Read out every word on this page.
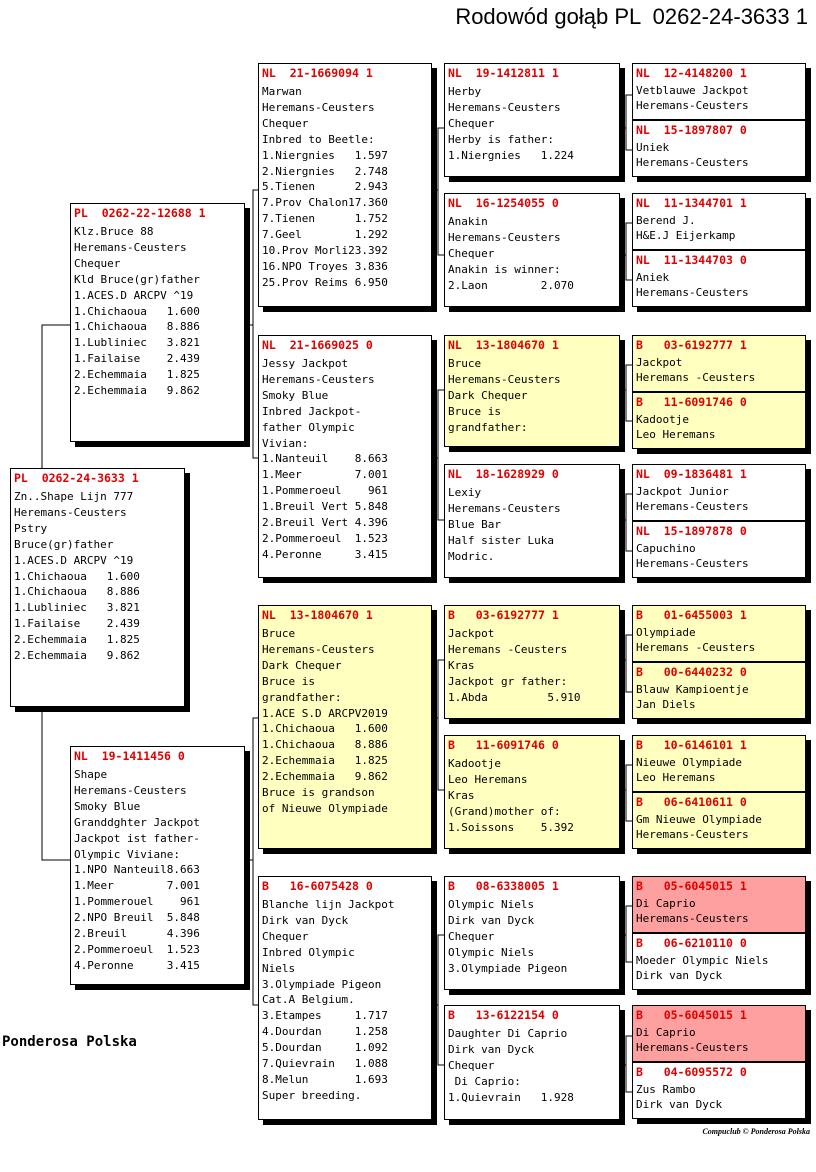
Rodowód gołąb PL  0262-24-3633 1
Ponderosa Polska
Compuclub © Ponderosa Polska
PL  0262-24-3633 1
Zn..Shape Lijn 777
Heremans-Ceusters
Pstry
Bruce(gr)father
1.ACES.D ARCPV ^19
1.Chichaoua   1.600
1.Chichaoua   8.886
1.Lubliniec   3.821
1.Failaise    2.439
2.Echemmaia   1.825
2.Echemmaia   9.862
PL  0262-22-12688 1
Klz.Bruce 88
Heremans-Ceusters
Chequer
Kld Bruce(gr)father
1.ACES.D ARCPV ^19
1.Chichaoua   1.600
1.Chichaoua   8.886
1.Lubliniec   3.821
1.Failaise    2.439
2.Echemmaia   1.825
2.Echemmaia   9.862
NL  19-1411456 0
Shape
Heremans-Ceusters
Smoky Blue
Granddghter Jackpot
Jackpot ist father-
Olympic Viviane:
1.NPO Nanteuil8.663
1.Meer        7.001
1.Pommerouel    961
2.NPO Breuil  5.848
2.Breuil      4.396
2.Pommeroeul  1.523
4.Peronne     3.415
NL  21-1669094 1
Marwan
Heremans-Ceusters
Chequer
Inbred to Beetle:
1.Niergnies   1.597
2.Niergnies   2.748
5.Tienen      2.943
7.Prov Chalon17.360
7.Tienen      1.752
7.Geel        1.292
10.Prov Morli23.392
16.NPO Troyes 3.836
25.Prov Reims 6.950
NL  21-1669025 0
Jessy Jackpot
Heremans-Ceusters
Smoky Blue
Inbred Jackpot-
father Olympic
Vivian:
1.Nanteuil    8.663
1.Meer        7.001
1.Pommeroeul    961
1.Breuil Vert 5.848
2.Breuil Vert 4.396
2.Pommeroeul  1.523
4.Peronne     3.415
NL  13-1804670 1
Bruce
Heremans-Ceusters
Dark Chequer
Bruce is
grandfather:
1.ACE S.D ARCPV2019
1.Chichaoua   1.600
1.Chichaoua   8.886
2.Echemmaia   1.825
2.Echemmaia   9.862
Bruce is grandson
of Nieuwe Olympiade
B   16-6075428 0
Blanche lijn Jackpot
Dirk van Dyck
Chequer
Inbred Olympic
Niels
3.Olympiade Pigeon
Cat.A Belgium.
3.Etampes     1.717
4.Dourdan     1.258
5.Dourdan     1.092
7.Quievrain   1.088
8.Melun       1.693
Super breeding.
NL  19-1412811 1
Herby
Heremans-Ceusters
Chequer
Herby is father:
1.Niergnies   1.224
NL  16-1254055 0
Anakin
Heremans-Ceusters
Chequer
Anakin is winner:
2.Laon        2.070
NL  13-1804670 1
Bruce
Heremans-Ceusters
Dark Chequer
Bruce is
grandfather:
NL  18-1628929 0
Lexiy
Heremans-Ceusters
Blue Bar
Half sister Luka
Modric.
B   03-6192777 1
Jackpot
Heremans -Ceusters
Kras
Jackpot gr father:
1.Abda         5.910
B   11-6091746 0
Kadootje
Leo Heremans
Kras
(Grand)mother of:
1.Soissons    5.392
B   08-6338005 1
Olympic Niels
Dirk van Dyck
Chequer
Olympic Niels
3.Olympiade Pigeon
B   13-6122154 0
Daughter Di Caprio
Dirk van Dyck
Chequer
Di Caprio:
1.Quievrain   1.928
NL  12-4148200 1
Vetblauwe Jackpot
Heremans-Ceusters
NL  15-1897807 0
Uniek
Heremans-Ceusters
NL  11-1344701 1
Berend J.
H&E.J Eijerkamp
NL  11-1344703 0
Aniek
Heremans-Ceusters
B   03-6192777 1
Jackpot
Heremans -Ceusters
B   11-6091746 0
Kadootje
Leo Heremans
NL  09-1836481 1
Jackpot Junior
Heremans-Ceusters
NL  15-1897878 0
Capuchino
Heremans-Ceusters
B   01-6455003 1
Olympiade
Heremans -Ceusters
B   00-6440232 0
Blauw Kampioentje
Jan Diels
B   10-6146101 1
Nieuwe Olympiade
Leo Heremans
B   06-6410611 0
Gm Nieuwe Olympiade
Heremans-Ceusters
B   05-6045015 1
Di Caprio
Heremans-Ceusters
B   06-6210110 0
Moeder Olympic Niels
Dirk van Dyck
B   05-6045015 1
Di Caprio
Heremans-Ceusters
B   04-6095572 0
Zus Rambo
Dirk van Dyck
